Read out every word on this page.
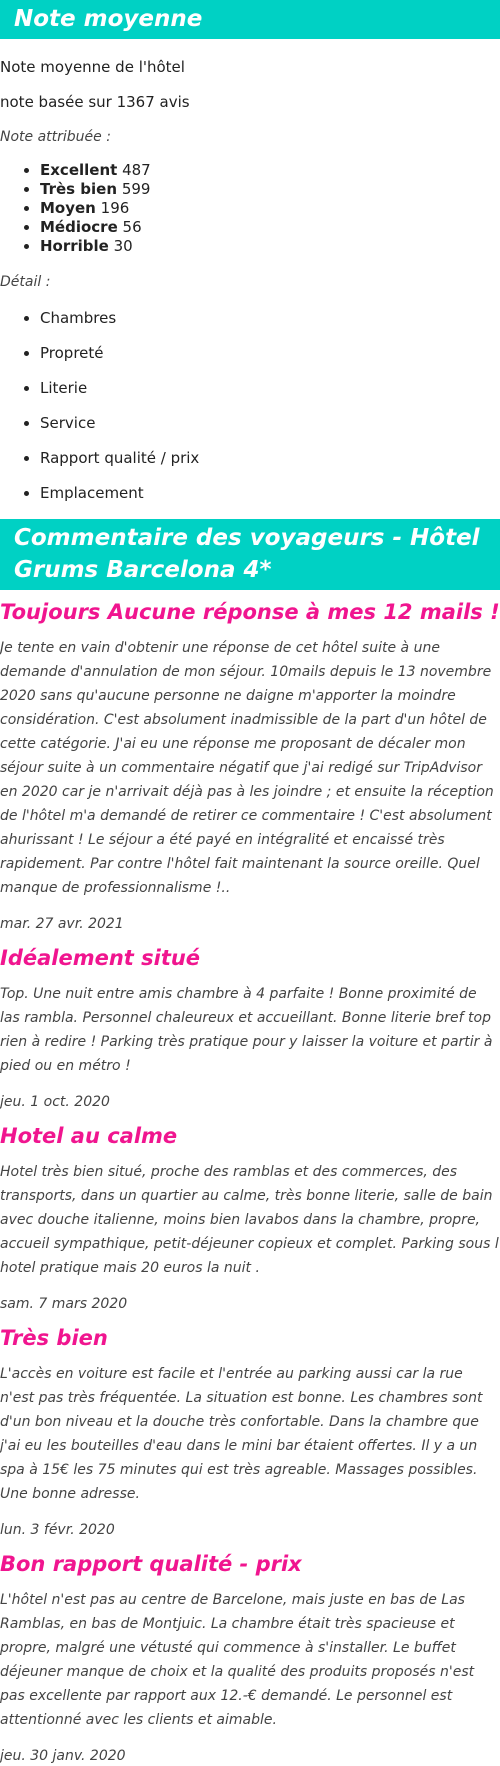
Note moyenne

Note moyenne de l'hôtel

note basée sur 1367 avis

Note attribuée :

• Excellent 487
• Très bien 599
• Moyen 196
• Médiocre 56
• Horrible 30

Détail :

• Chambres
• Propreté
• Literie
• Service
• Rapport qualité / prix
• Emplacement
Commentaire des voyageurs - Hôtel Grums Barcelona 4*
Toujours Aucune réponse à mes 12 mails !

Je tente en vain d'obtenir une réponse de cet hôtel suite à une demande d'annulation de mon séjour. 10mails depuis le 13 novembre 2020 sans qu'aucune personne ne daigne m'apporter la moindre considération. C'est absolument inadmissible de la part d'un hôtel de cette catégorie. J'ai eu une réponse me proposant de décaler mon séjour suite à un commentaire négatif que j'ai redigé sur TripAdvisor en 2020 car je n'arrivait déjà pas à les joindre ; et ensuite la réception de l'hôtel m'a demandé de retirer ce commentaire ! C'est absolument ahurissant ! Le séjour a été payé en intégralité et encaissé très rapidement. Par contre l'hôtel fait maintenant la source oreille. Quel manque de professionnalisme !..

mar. 27 avr. 2021

Idéalement situé

Top. Une nuit entre amis chambre à 4 parfaite ! Bonne proximité de las rambla. Personnel chaleureux et accueillant. Bonne literie bref top rien à redire ! Parking très pratique pour y laisser la voiture et partir à pied ou en métro !

jeu. 1 oct. 2020

Hotel au calme

Hotel très bien situé, proche des ramblas et des commerces, des transports, dans un quartier au calme, très bonne literie, salle de bain avec douche italienne, moins bien lavabos dans la chambre, propre, accueil sympathique, petit-déjeuner copieux et complet. Parking sous l hotel pratique mais 20 euros la nuit .

sam. 7 mars 2020

Très bien

L'accès en voiture est facile et l'entrée au parking aussi car la rue n'est pas très fréquentée. La situation est bonne. Les chambres sont d'un bon niveau et la douche très confortable. Dans la chambre que j'ai eu les bouteilles d'eau dans le mini bar étaient offertes. Il y a un spa à 15€ les 75 minutes qui est très agreable. Massages possibles. Une bonne adresse.

lun. 3 févr. 2020

Bon rapport qualité - prix

L'hôtel n'est pas au centre de Barcelone, mais juste en bas de Las Ramblas, en bas de Montjuic. La chambre était très spacieuse et propre, malgré une vétusté qui commence à s'installer. Le buffet déjeuner manque de choix et la qualité des produits proposés n'est pas excellente par rapport aux 12.-€ demandé. Le personnel est attentionné avec les clients et aimable.

jeu. 30 janv. 2020
